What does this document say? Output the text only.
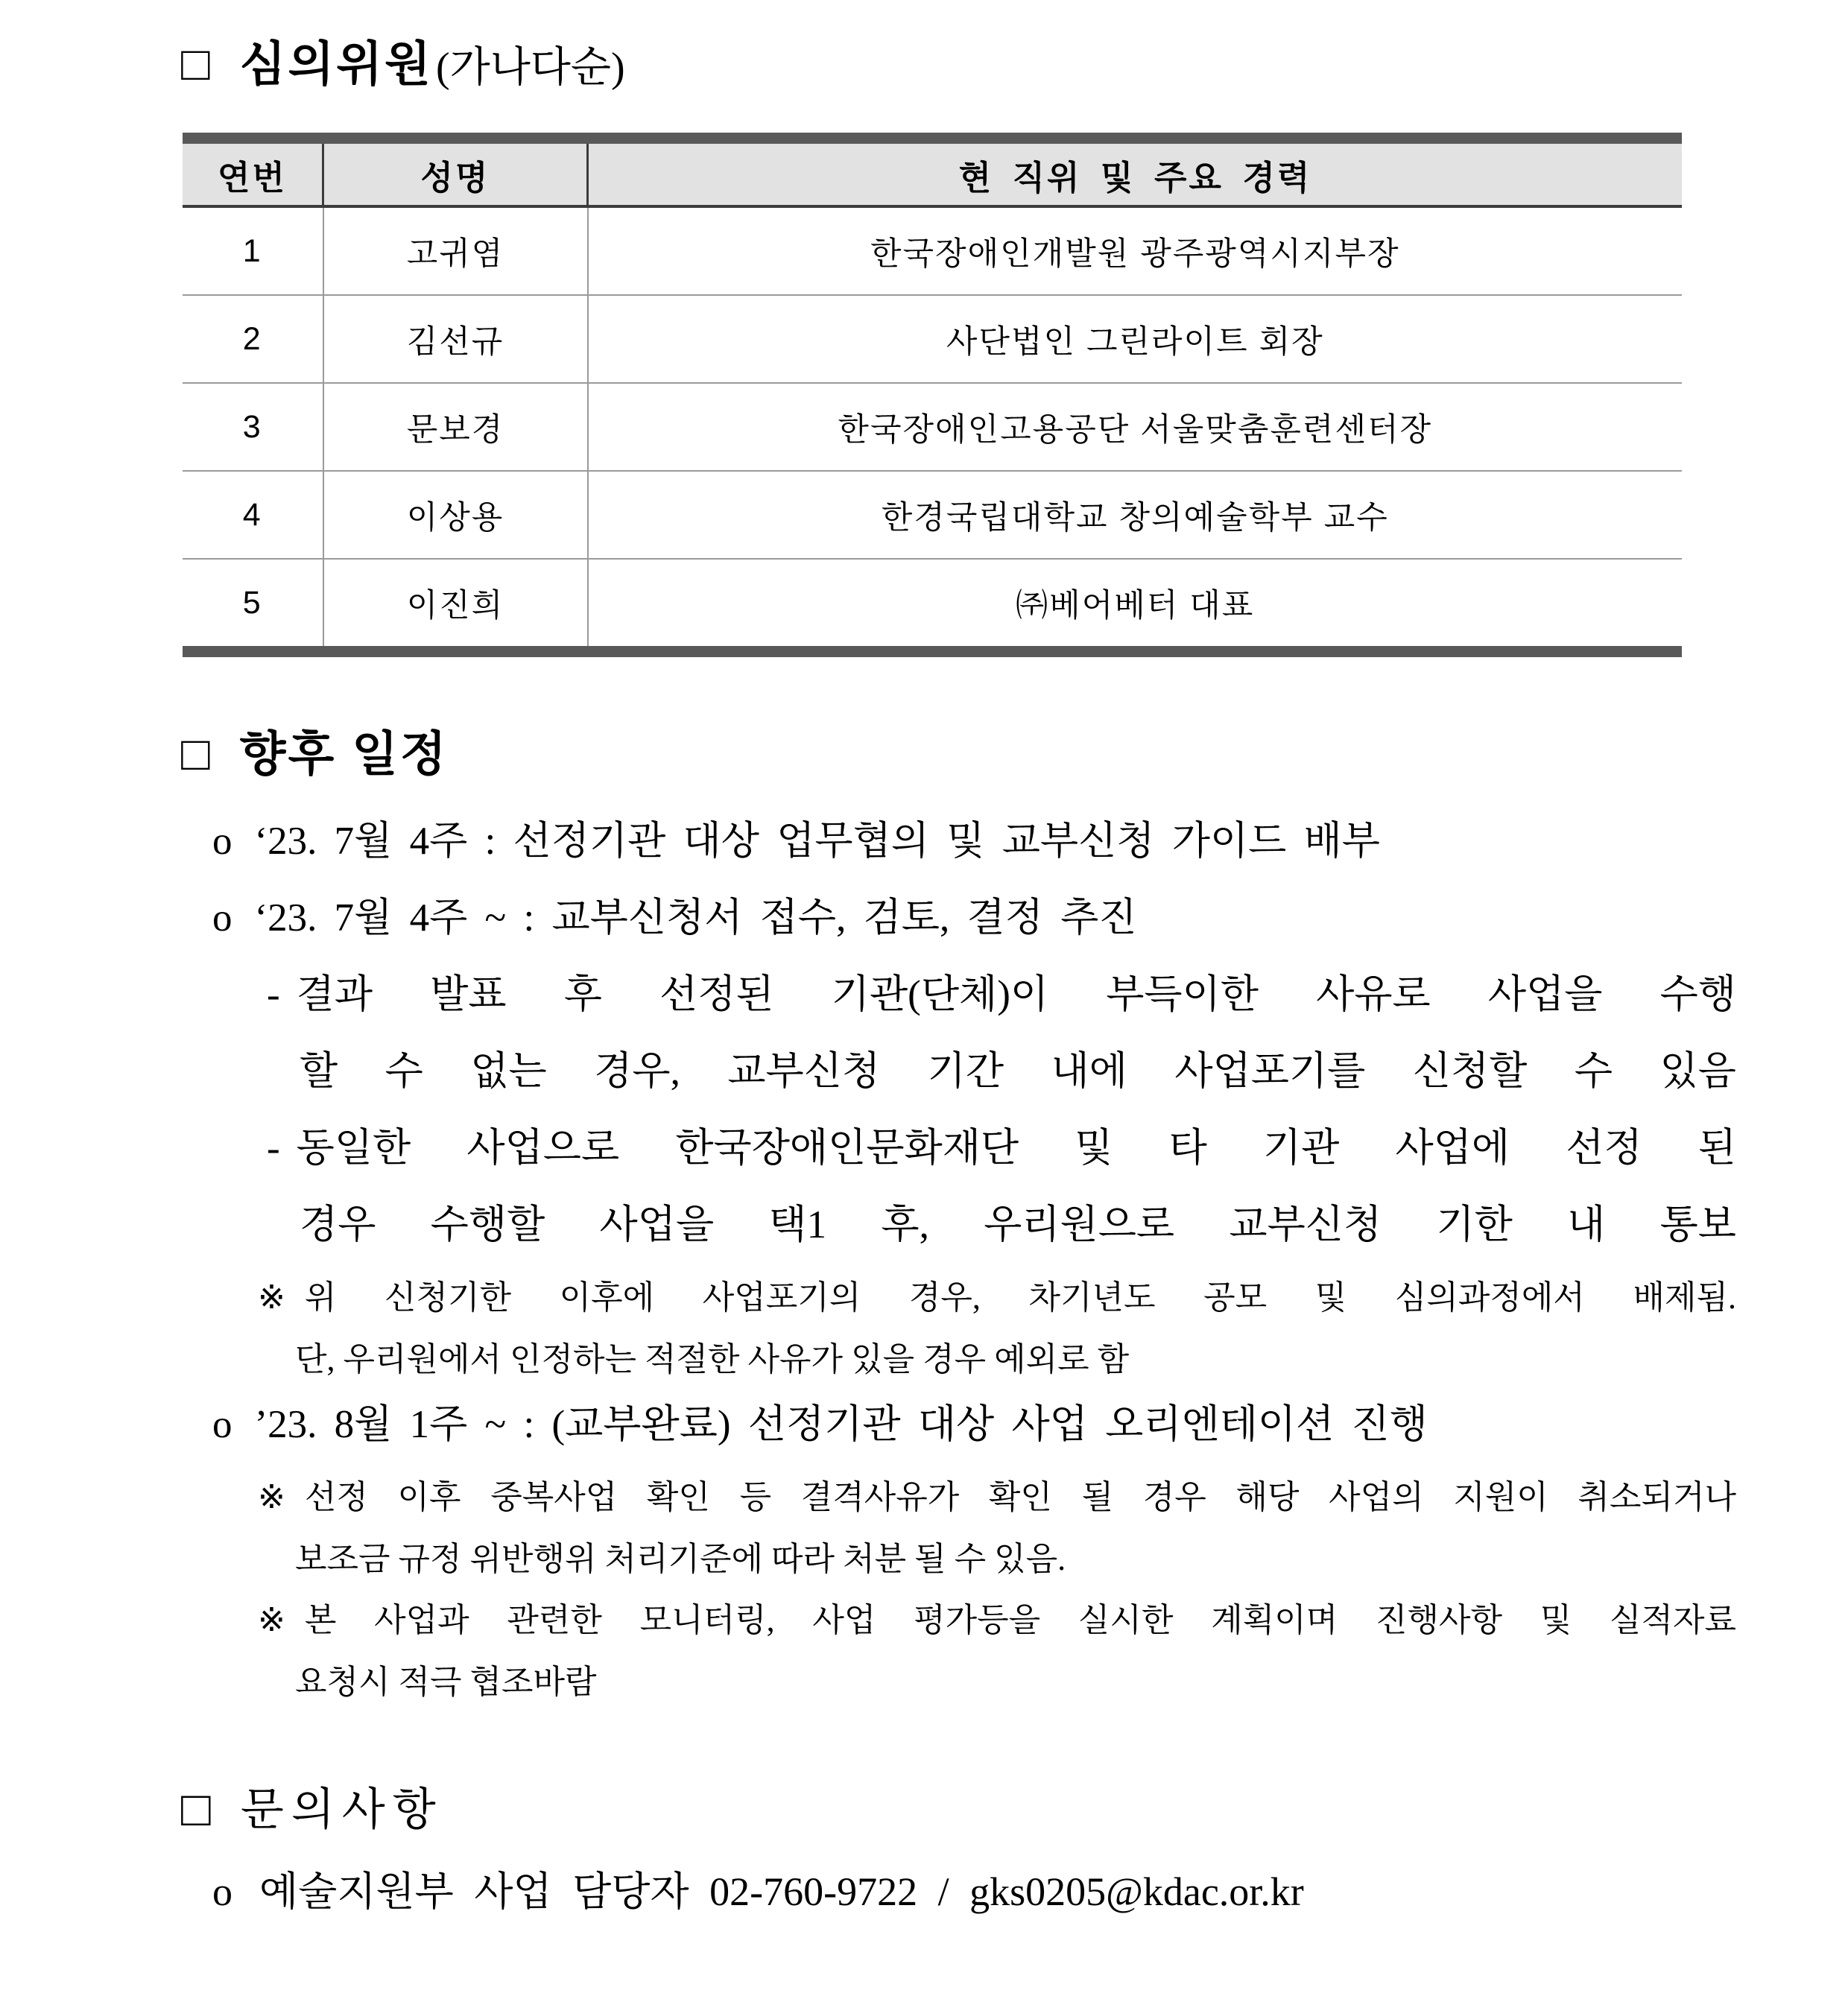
□ 심의위원 (가나다순)
연번	성명	현 직위 및 주요 경력
1	고귀염	한국장애인개발원 광주광역시지부장
2	김선규	사단법인 그린라이트 회장
3	문보경	한국장애인고용공단 서울맞춤훈련센터장
4	이상용	한경국립대학교 창의예술학부 교수
5	이진희	㈜베어베터 대표
□ 향후 일정
o ‘23. 7월 4주 : 선정기관 대상 업무협의 및 교부신청 가이드 배부
o ‘23. 7월 4주 ~ : 교부신청서 접수, 검토, 결정 추진
- 결과 발표 후 선정된 기관(단체)이 부득이한 사유로 사업을 수행
할 수 없는 경우, 교부신청 기간 내에 사업포기를 신청할 수 있음
- 동일한 사업으로 한국장애인문화재단 및 타 기관 사업에 선정 된
경우 수행할 사업을 택1 후, 우리원으로 교부신청 기한 내 통보
※ 위 신청기한 이후에 사업포기의 경우, 차기년도 공모 및 심의과정에서 배제됨.
단, 우리원에서 인정하는 적절한 사유가 있을 경우 예외로 함
o ’23. 8월 1주 ~ : (교부완료) 선정기관 대상 사업 오리엔테이션 진행
※ 선정 이후 중복사업 확인 등 결격사유가 확인 될 경우 해당 사업의 지원이 취소되거나
보조금 규정 위반행위 처리기준에 따라 처분 될 수 있음.
※ 본 사업과 관련한 모니터링, 사업 평가등을 실시한 계획이며 진행사항 및 실적자료
요청시 적극 협조바람
□ 문의사항
o 예술지원부 사업 담당자 02-760-9722 / gks0205@kdac.or.kr
